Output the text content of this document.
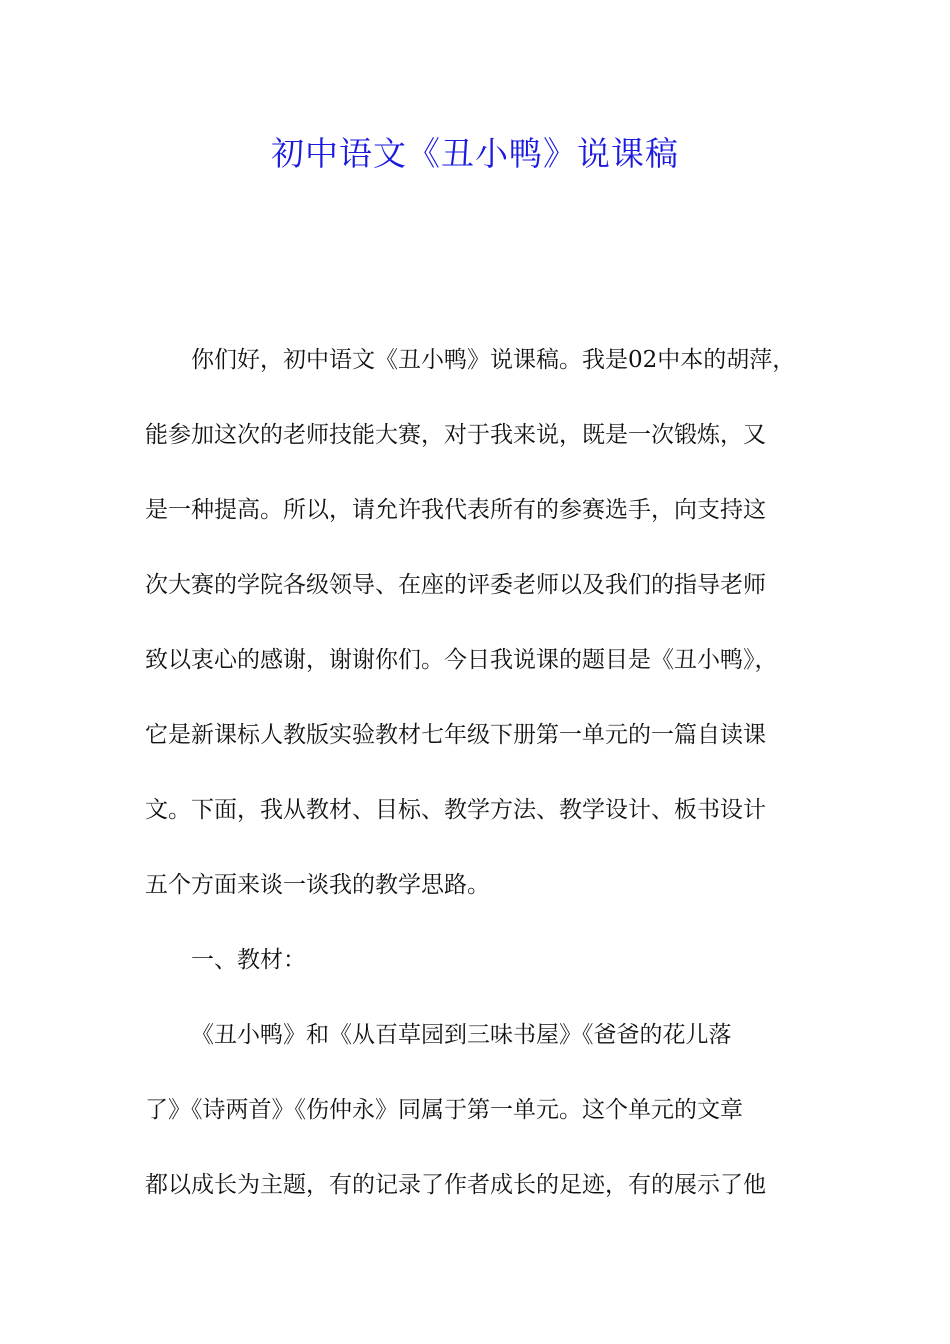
初中语文《丑小鸭》说课稿
你们好，初中语文《丑小鸭》说课稿。我是02中本的胡萍，
能参加这次的老师技能大赛，对于我来说，既是一次锻炼，又
是一种提高。所以，请允许我代表所有的参赛选手，向支持这
次大赛的学院各级领导、在座的评委老师以及我们的指导老师
致以衷心的感谢，谢谢你们。今日我说课的题目是《丑小鸭》，
它是新课标人教版实验教材七年级下册第一单元的一篇自读课
文。下面，我从教材、目标、教学方法、教学设计、板书设计
五个方面来谈一谈我的教学思路。
一、教材：
《丑小鸭》和《从百草园到三味书屋》《爸爸的花儿落
了》《诗两首》《伤仲永》同属于第一单元。这个单元的文章
都以成长为主题，有的记录了作者成长的足迹，有的展示了他
